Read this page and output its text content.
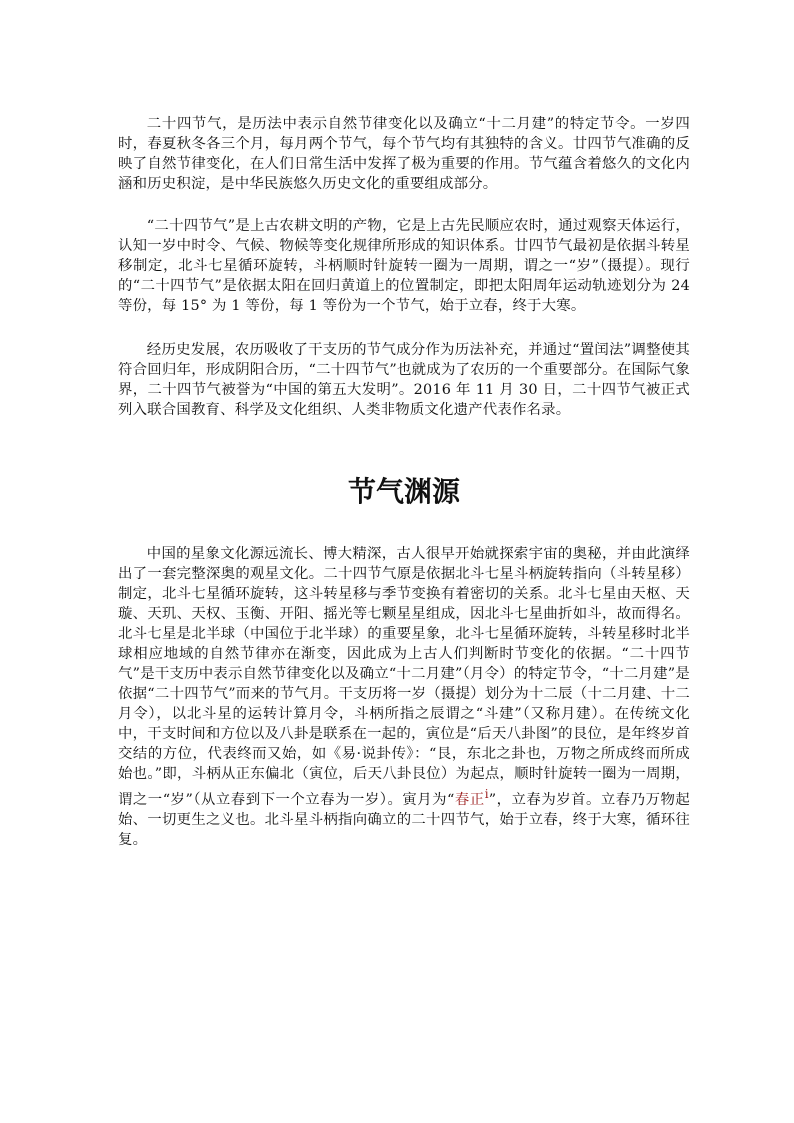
二十四节气，是历法中表示自然节律变化以及确立“十二月建”的特定节令。一岁四时，春夏秋冬各三个月，每月两个节气，每个节气均有其独特的含义。廿四节气准确的反映了自然节律变化，在人们日常生活中发挥了极为重要的作用。节气蕴含着悠久的文化内涵和历史积淀，是中华民族悠久历史文化的重要组成部分。

“二十四节气”是上古农耕文明的产物，它是上古先民顺应农时，通过观察天体运行，认知一岁中时令、气候、物候等变化规律所形成的知识体系。廿四节气最初是依据斗转星移制定，北斗七星循环旋转，斗柄顺时针旋转一圈为一周期，谓之一“岁”（摄提）。现行的“二十四节气”是依据太阳在回归黄道上的位置制定，即把太阳周年运动轨迹划分为 24 等份，每 15° 为 1 等份，每 1 等份为一个节气，始于立春，终于大寒。

经历史发展，农历吸收了干支历的节气成分作为历法补充，并通过“置闰法”调整使其符合回归年，形成阴阳合历，“二十四节气”也就成为了农历的一个重要部分。在国际气象界，二十四节气被誉为“中国的第五大发明”。2016 年 11 月 30 日，二十四节气被正式列入联合国教育、科学及文化组织、人类非物质文化遗产代表作名录。

节气渊源

中国的星象文化源远流长、博大精深，古人很早开始就探索宇宙的奥秘，并由此演绎出了一套完整深奥的观星文化。二十四节气原是依据北斗七星斗柄旋转指向（斗转星移）制定，北斗七星循环旋转，这斗转星移与季节变换有着密切的关系。北斗七星由天枢、天璇、天玑、天权、玉衡、开阳、摇光等七颗星星组成，因北斗七星曲折如斗，故而得名。北斗七星是北半球（中国位于北半球）的重要星象，北斗七星循环旋转，斗转星移时北半球相应地域的自然节律亦在渐变，因此成为上古人们判断时节变化的依据。“二十四节气”是干支历中表示自然节律变化以及确立“十二月建”（月令）的特定节令，“十二月建”是依据“二十四节气”而来的节气月。干支历将一岁（摄提）划分为十二辰（十二月建、十二月令），以北斗星的运转计算月令，斗柄所指之辰谓之“斗建”（又称月建）。在传统文化中，干支时间和方位以及八卦是联系在一起的，寅位是“后天八卦图”的艮位，是年终岁首交结的方位，代表终而又始，如《易·说卦传》：“艮，东北之卦也，万物之所成终而所成始也。”即，斗柄从正东偏北（寅位，后天八卦艮位）为起点，顺时针旋转一圈为一周期，谓之一“岁”（从立春到下一个立春为一岁）。寅月为“春正$^i$”，立春为岁首。立春乃万物起始、一切更生之义也。北斗星斗柄指向确立的二十四节气，始于立春，终于大寒，循环往复。
